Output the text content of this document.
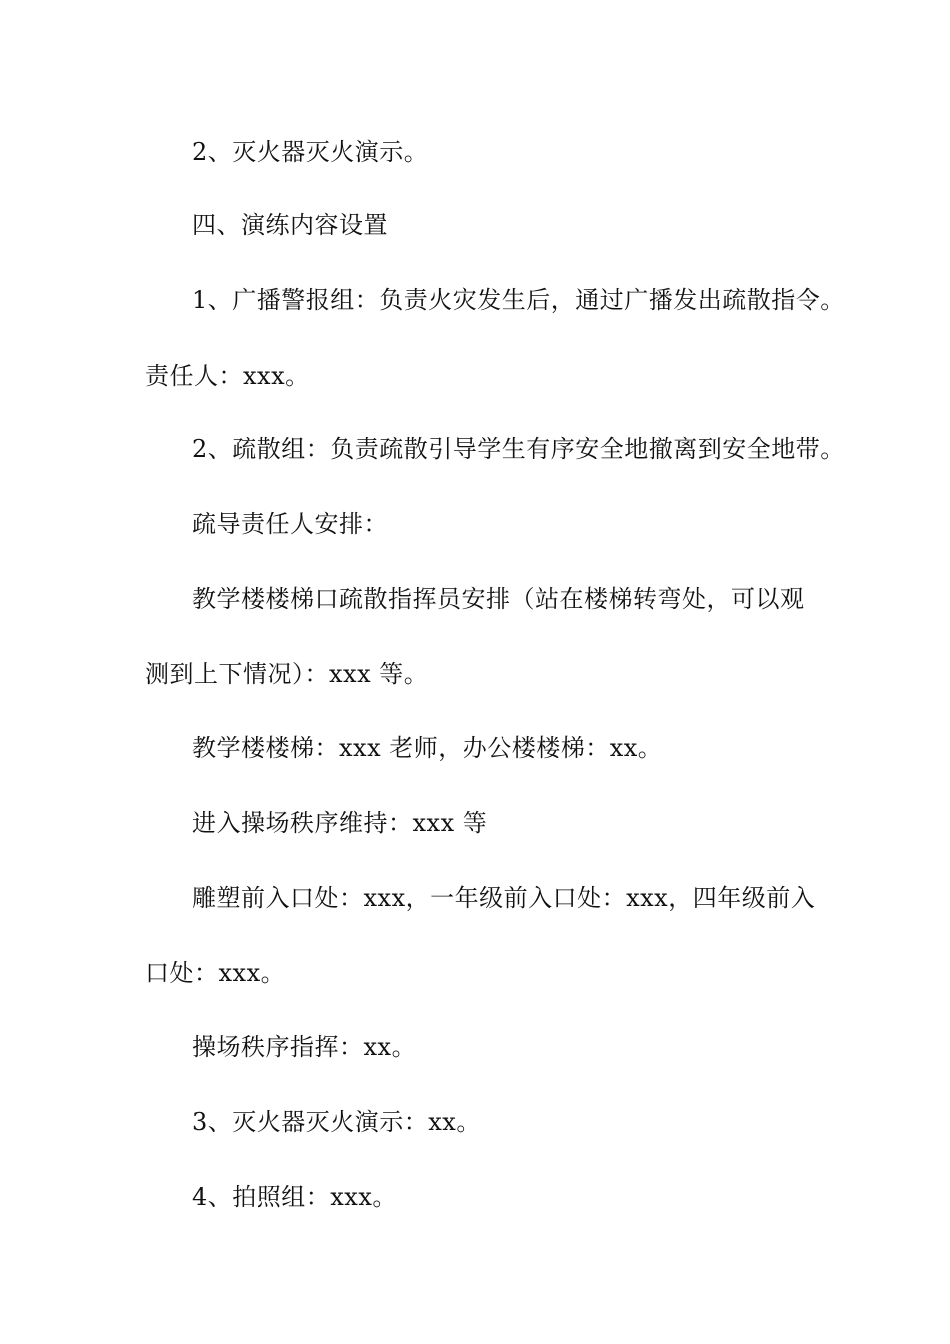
2、灭火器灭火演示。
四、演练内容设置
1、广播警报组：负责火灾发生后，通过广播发出疏散指令。
责任人：xxx。
2、疏散组：负责疏散引导学生有序安全地撤离到安全地带。
疏导责任人安排：
教学楼楼梯口疏散指挥员安排（站在楼梯转弯处，可以观
测到上下情况）：xxx 等。
教学楼楼梯：xxx 老师，办公楼楼梯：xx。
进入操场秩序维持：xxx 等
雕塑前入口处：xxx，一年级前入口处：xxx，四年级前入
口处：xxx。
操场秩序指挥：xx。
3、灭火器灭火演示：xx。
4、拍照组：xxx。
